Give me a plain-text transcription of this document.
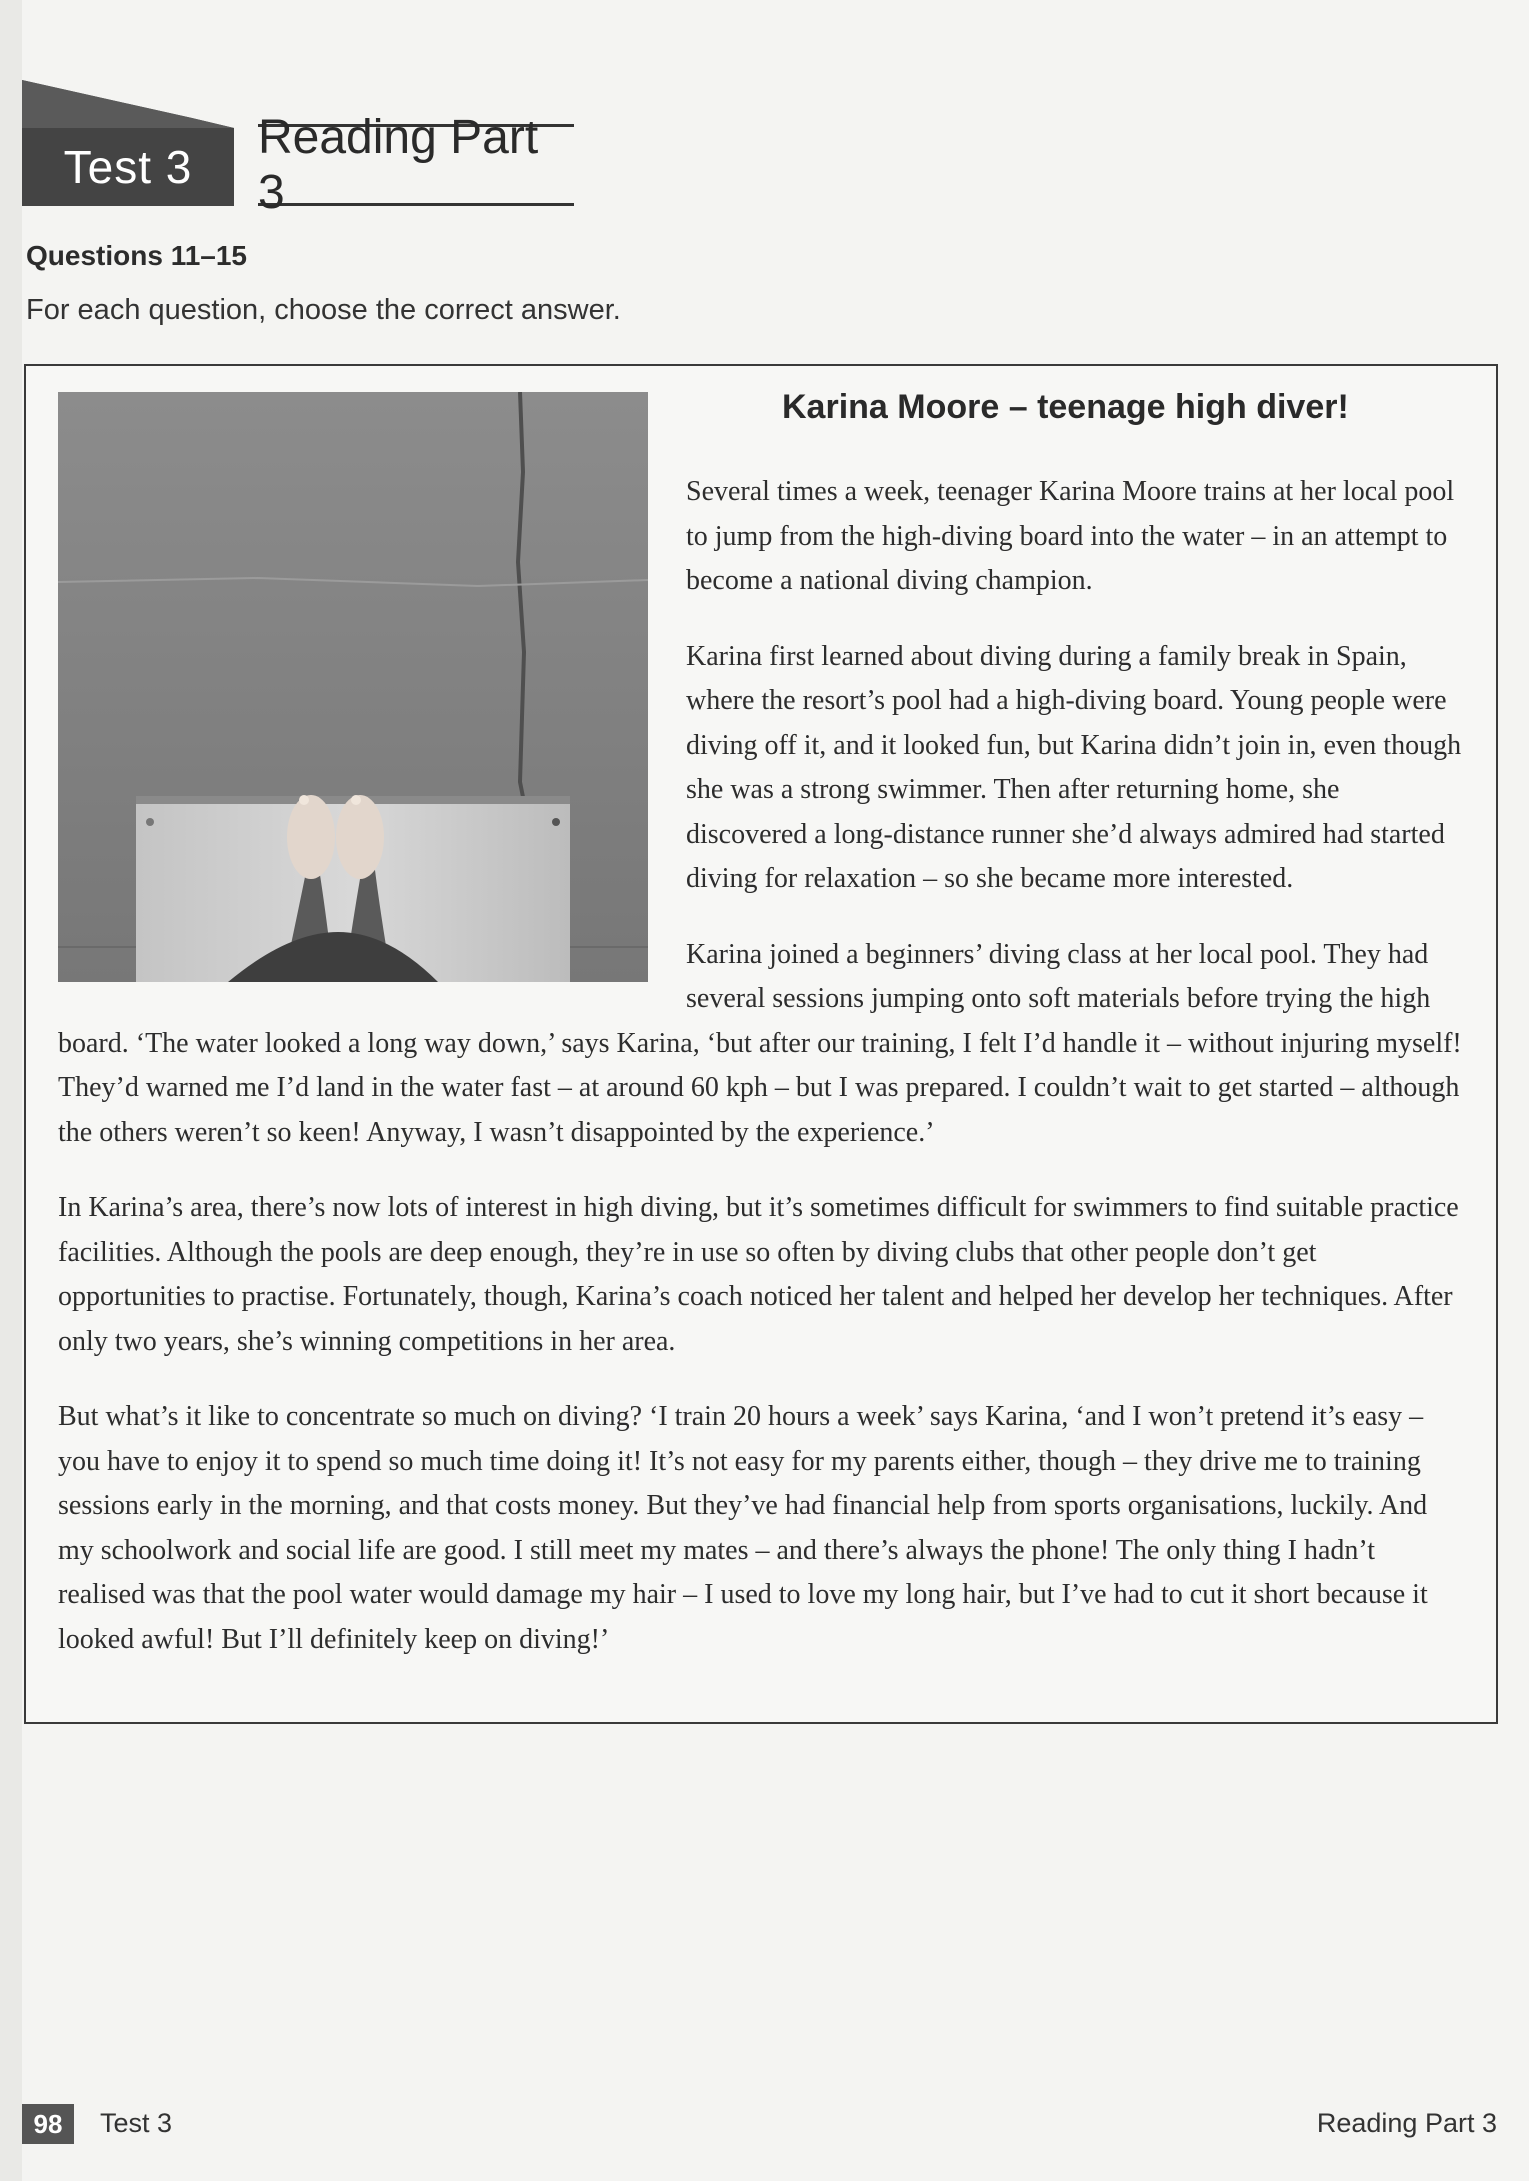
Test 3
Reading Part 3
Questions 11–15
For each question, choose the correct answer.
Karina Moore – teenage high diver!

Several times a week, teenager Karina Moore trains at her local pool to jump from the high-diving board into the water – in an attempt to become a national diving champion.

Karina first learned about diving during a family break in Spain, where the resort’s pool had a high-diving board. Young people were diving off it, and it looked fun, but Karina didn’t join in, even though she was a strong swimmer. Then after returning home, she discovered a long-distance runner she’d always admired had started diving for relaxation – so she became more interested.

Karina joined a beginners’ diving class at her local pool. They had several sessions jumping onto soft materials before trying the high board. ‘The water looked a long way down,’ says Karina, ‘but after our training, I felt I’d handle it – without injuring myself! They’d warned me I’d land in the water fast – at around 60 kph – but I was prepared. I couldn’t wait to get started – although the others weren’t so keen! Anyway, I wasn’t disappointed by the experience.’

In Karina’s area, there’s now lots of interest in high diving, but it’s sometimes difficult for swimmers to find suitable practice facilities. Although the pools are deep enough, they’re in use so often by diving clubs that other people don’t get opportunities to practise. Fortunately, though, Karina’s coach noticed her talent and helped her develop her techniques. After only two years, she’s winning competitions in her area.

But what’s it like to concentrate so much on diving? ‘I train 20 hours a week’ says Karina, ‘and I won’t pretend it’s easy – you have to enjoy it to spend so much time doing it! It’s not easy for my parents either, though – they drive me to training sessions early in the morning, and that costs money. But they’ve had financial help from sports organisations, luckily. And my schoolwork and social life are good. I still meet my mates – and there’s always the phone! The only thing I hadn’t realised was that the pool water would damage my hair – I used to love my long hair, but I’ve had to cut it short because it looked awful! But I’ll definitely keep on diving!’

98	Test 3	Reading Part 3
